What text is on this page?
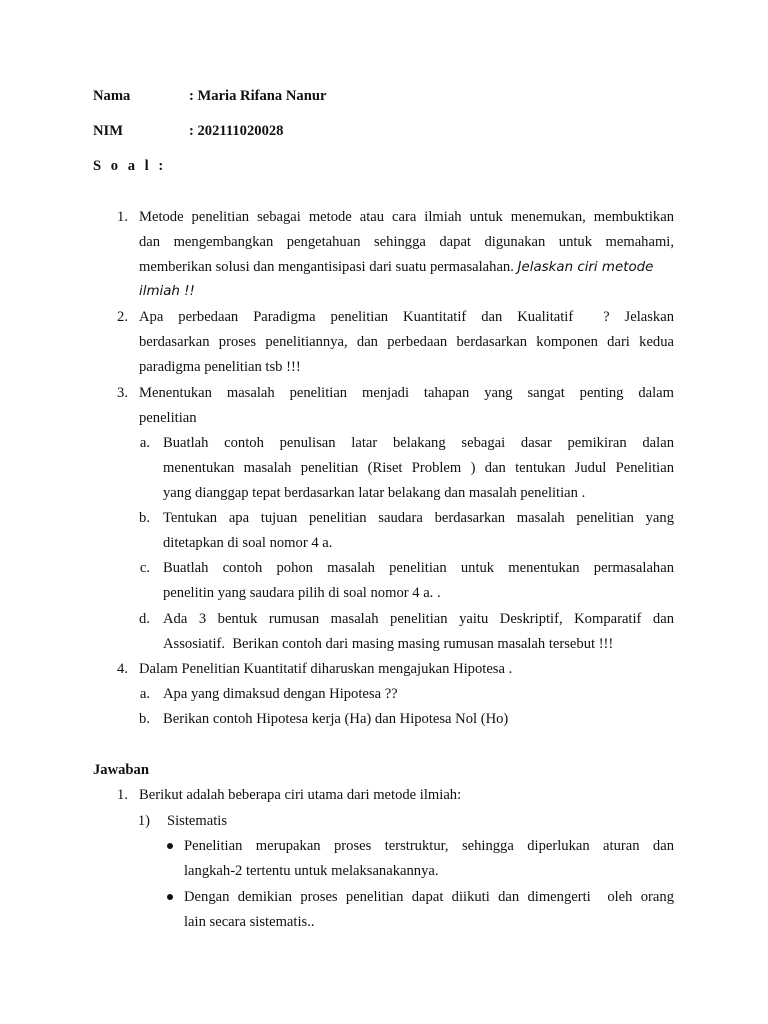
Nama	: Maria Rifana Nanur
NIM	: 202111020028
S o a l :
1. Metode penelitian sebagai metode atau cara ilmiah untuk menemukan, membuktikan
dan mengembangkan pengetahuan sehingga dapat digunakan untuk memahami,
memberikan solusi dan mengantisipasi dari suatu permasalahan. Jelaskan ciri metode
ilmiah !!
2. Apa perbedaan Paradigma penelitian Kuantitatif dan Kualitatif  ? Jelaskan
berdasarkan proses penelitiannya, dan perbedaan berdasarkan komponen dari kedua
paradigma penelitian tsb !!!
3. Menentukan masalah penelitian menjadi tahapan yang sangat penting dalam
penelitian
a. Buatlah contoh penulisan latar belakang sebagai dasar pemikiran dalan
menentukan masalah penelitian (Riset Problem ) dan tentukan Judul Penelitian
yang dianggap tepat berdasarkan latar belakang dan masalah penelitian .
b. Tentukan apa tujuan penelitian saudara berdasarkan masalah penelitian yang
ditetapkan di soal nomor 4 a.
c. Buatlah contoh pohon masalah penelitian untuk menentukan permasalahan
penelitin yang saudara pilih di soal nomor 4 a. .
d. Ada 3 bentuk rumusan masalah penelitian yaitu Deskriptif, Komparatif dan
Assosiatif.  Berikan contoh dari masing masing rumusan masalah tersebut !!!
4. Dalam Penelitian Kuantitatif diharuskan mengajukan Hipotesa .
a. Apa yang dimaksud dengan Hipotesa ??
b. Berikan contoh Hipotesa kerja (Ha) dan Hipotesa Nol (Ho)
Jawaban
1. Berikut adalah beberapa ciri utama dari metode ilmiah:
1) Sistematis
Penelitian merupakan proses terstruktur, sehingga diperlukan aturan dan
langkah-2 tertentu untuk melaksanakannya.
Dengan demikian proses penelitian dapat diikuti dan dimengerti  oleh orang
lain secara sistematis..
